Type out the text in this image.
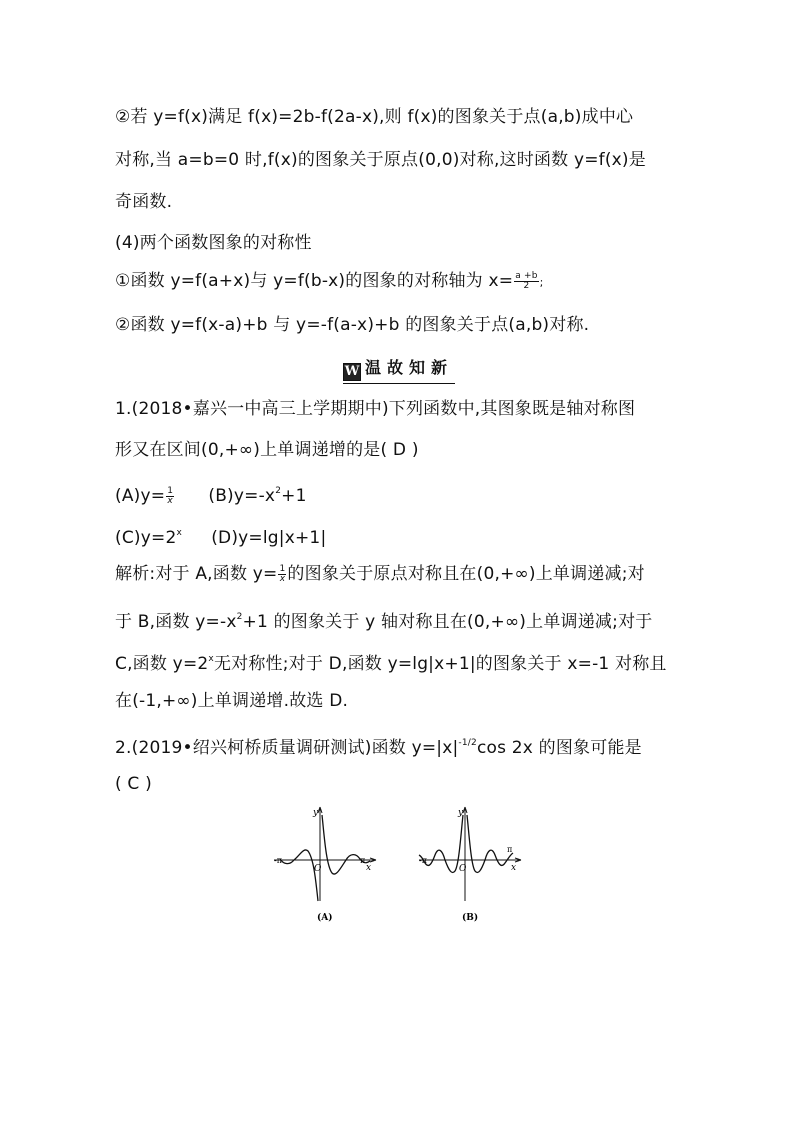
②若 y=f(x)满足 f(x)=2b-f(2a-x),则 f(x)的图象关于点(a,b)成中心
对称,当 a=b=0 时,f(x)的图象关于原点(0,0)对称,这时函数 y=f(x)是
奇函数.
(4)两个函数图象的对称性
①函数 y=f(a+x)与 y=f(b-x)的图象的对称轴为 $x= \frac{a +b}{2}$ ;
②函数 y=f(x-a)+b 与 y=-f(a-x)+b 的图象关于点(a,b)对称.
W 温故知新
1.(2018•嘉兴一中高三上学期期中)下列函数中,其图象既是轴对称图
形又在区间(0,+∞)上单调递增的是( D )
$(A)y= \frac{1}{x} (B)y=-x^2+1$
$(C)y=2^x$ (D)y=lg|x+1|
解析:对于 A,函数 $y= \frac{1}{x}$ 的图象关于原点对称且在(0,+∞)上单调递减;对
于 B,函数 $y=-x^2+1$ 的图象关于 y 轴对称且在(0,+∞)上单调递减;对于
C,函数 $y=2^x$无对称性;对于 D,函数 y=lg|x+1|的图象关于 x=-1 对称且
在(-1,+∞)上单调递增.故选 D.
2.(2019•绍兴柯桥质量调研测试)函数 $y=|x|^{-1/2}\cos$ 2x 的图象可能是
( C )
y
x
O
-π	π
(A)
y
x
O
-π
π
(B)
